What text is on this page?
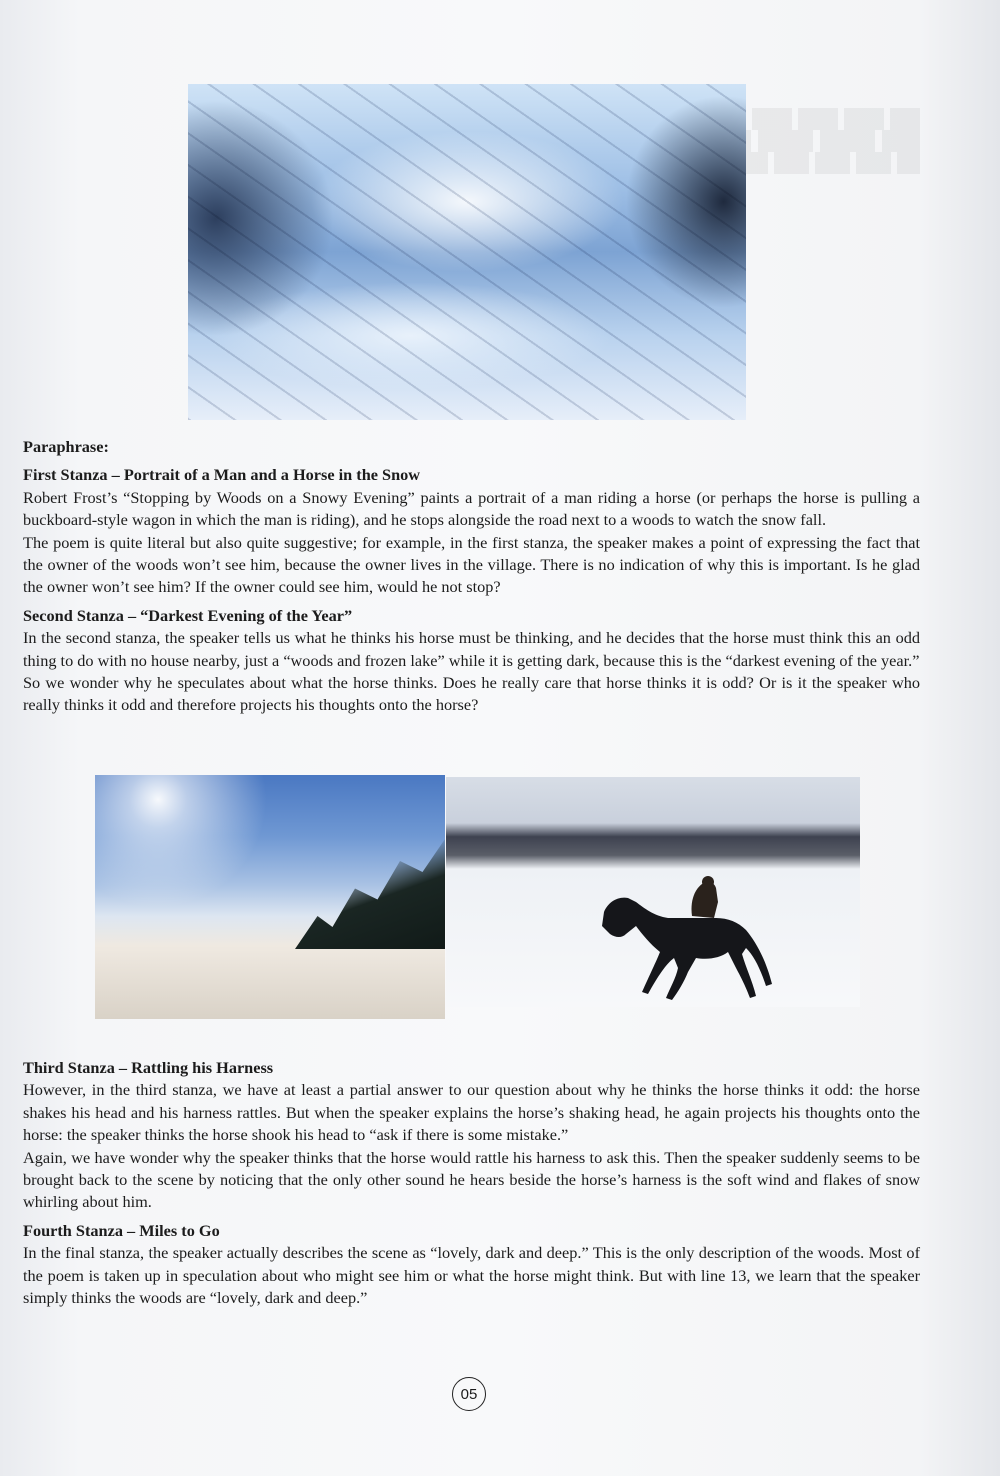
Paraphrase:

First Stanza – Portrait of a Man and a Horse in the Snow

Robert Frost’s “Stopping by Woods on a Snowy Evening” paints a portrait of a man riding a horse (or perhaps the horse is pulling a buckboard-style wagon in which the man is riding), and he stops alongside the road next to a woods to watch the snow fall.

The poem is quite literal but also quite suggestive; for example, in the first stanza, the speaker makes a point of expressing the fact that the owner of the woods won’t see him, because the owner lives in the village. There is no indication of why this is important. Is he glad the owner won’t see him? If the owner could see him, would he not stop?

Second Stanza – “Darkest Evening of the Year”

In the second stanza, the speaker tells us what he thinks his horse must be thinking, and he decides that the horse must think this an odd thing to do with no house nearby, just a “woods and frozen lake” while it is getting dark, because this is the “darkest evening of the year.”

So we wonder why he speculates about what the horse thinks. Does he really care that horse thinks it is odd? Or is it the speaker who really thinks it odd and therefore projects his thoughts onto the horse?

Third Stanza – Rattling his Harness

However, in the third stanza, we have at least a partial answer to our question about why he thinks the horse thinks it odd: the horse shakes his head and his harness rattles. But when the speaker explains the horse’s shaking head, he again projects his thoughts onto the horse: the speaker thinks the horse shook his head to “ask if there is some mistake.”

Again, we have wonder why the speaker thinks that the horse would rattle his harness to ask this. Then the speaker suddenly seems to be brought back to the scene by noticing that the only other sound he hears beside the horse’s harness is the soft wind and flakes of snow whirling about him.

Fourth Stanza – Miles to Go

In the final stanza, the speaker actually describes the scene as “lovely, dark and deep.” This is the only description of the woods. Most of the poem is taken up in speculation about who might see him or what the horse might think. But with line 13, we learn that the speaker simply thinks the woods are “lovely, dark and deep.”

05
